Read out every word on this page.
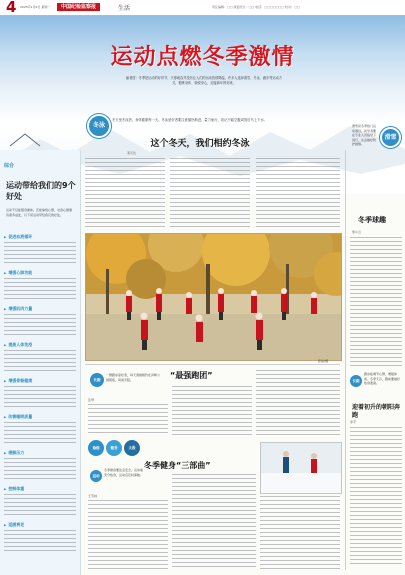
4 2025年1月6日 星期一	中国纪检监察报	生活	责任编辑：□□ 版面设计：□□ 电话：□□□□□□□ 校对：□□
运动点燃冬季激情
编者按：冬季是运动的好时节，天寒地冻并没有让人们的运动热情降温，许多人选择滑雪、冬泳、跑步等运动方式，锻炼身体、愉悦身心，迎接新年的到来。
冬泳
冬天里冬泳热，身体健康每一天。冬泳爱好者要注意循序渐进，量力而行，切记不能空腹或饭后马上下水。
滑雪
滑雪是冬季热门运动项目，初学者要在专业人员指导下进行，注意做好防护措施。
综合
运动带给我们的9个好处
运动不仅能强身健体，还能愉悦心情，对身心健康有诸多益处，以下是运动带给我们的好处。
▶ 促进血液循环
▶ 增强心肺功能
▶ 增强肌肉力量
▶ 提高人体免疫
▶ 增强骨骼健康
▶ 改善睡眠质量
▶ 缓解压力
▶ 控制体重
▶ 延缓衰老
这个冬天，我们相约冬泳
邓元达
陈丽/摄
冬季球趣
邢小云
长跑
跑步能调节心情，增强体质。冬季天冷，跑前要做好热身准备。
迎着初升的朝阳奔跑
李平
长跑
一群跑步爱好者，每天清晨相约在河畔公园锻炼，风雨无阻。	“最强跑团”
张琴
瑜伽	健身	太极
冬季健身“三部曲”
运动
冬季健身要注意安全，运动前充分热身，运动后及时保暖。
王芳林
